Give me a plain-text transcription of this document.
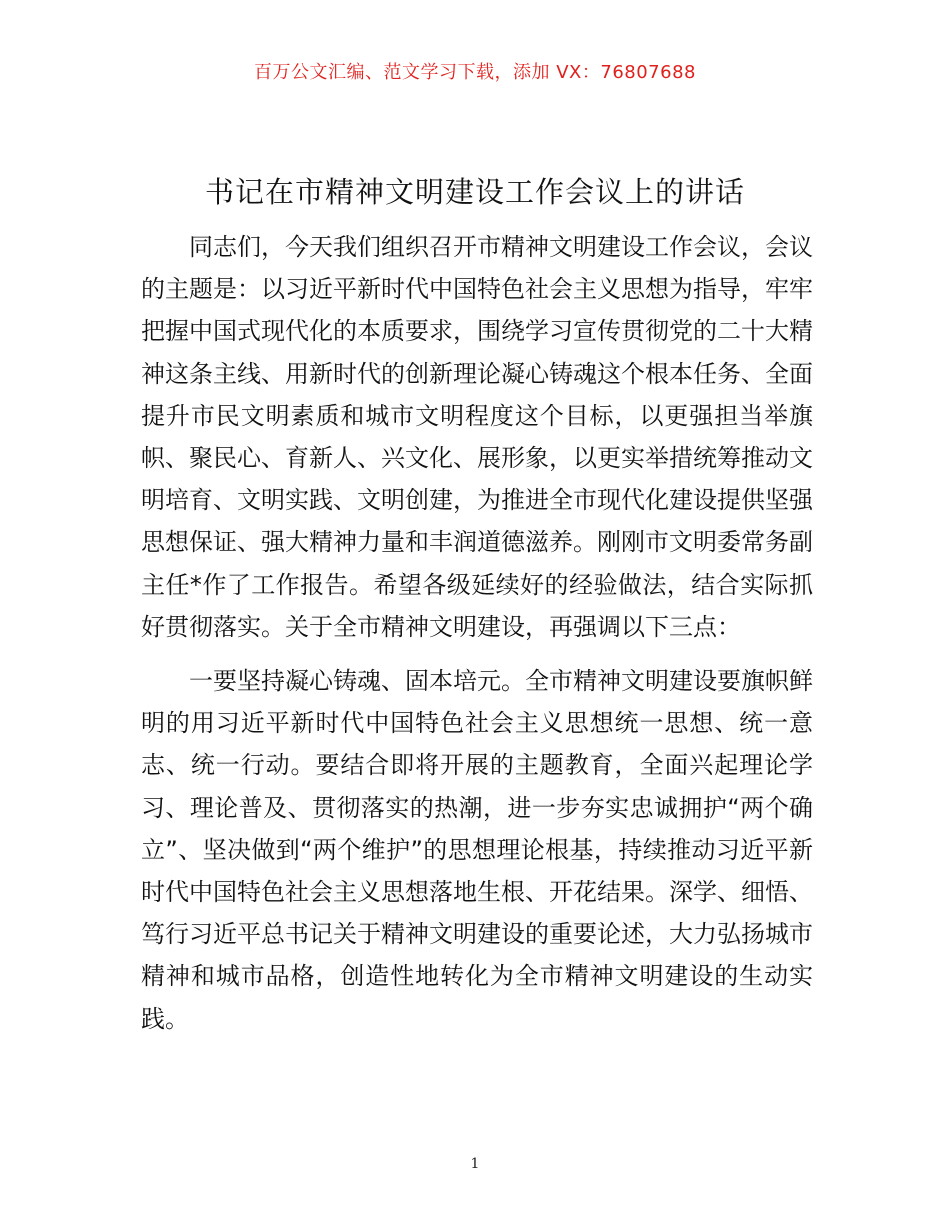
百万公文汇编、范文学习下载，添加 VX：76807688
书记在市精神文明建设工作会议上的讲话

同志们，今天我们组织召开市精神文明建设工作会议，会议的主题是：以习近平新时代中国特色社会主义思想为指导，牢牢把握中国式现代化的本质要求，围绕学习宣传贯彻党的二十大精神这条主线、用新时代的创新理论凝心铸魂这个根本任务、全面提升市民文明素质和城市文明程度这个目标，以更强担当举旗帜、聚民心、育新人、兴文化、展形象，以更实举措统筹推动文明培育、文明实践、文明创建，为推进全市现代化建设提供坚强思想保证、强大精神力量和丰润道德滋养。刚刚市文明委常务副主任*作了工作报告。希望各级延续好的经验做法，结合实际抓好贯彻落实。关于全市精神文明建设，再强调以下三点：

一要坚持凝心铸魂、固本培元。全市精神文明建设要旗帜鲜明的用习近平新时代中国特色社会主义思想统一思想、统一意志、统一行动。要结合即将开展的主题教育，全面兴起理论学习、理论普及、贯彻落实的热潮，进一步夯实忠诚拥护“两个确立”、坚决做到“两个维护”的思想理论根基，持续推动习近平新时代中国特色社会主义思想落地生根、开花结果。深学、细悟、笃行习近平总书记关于精神文明建设的重要论述，大力弘扬城市精神和城市品格，创造性地转化为全市精神文明建设的生动实践。

1
